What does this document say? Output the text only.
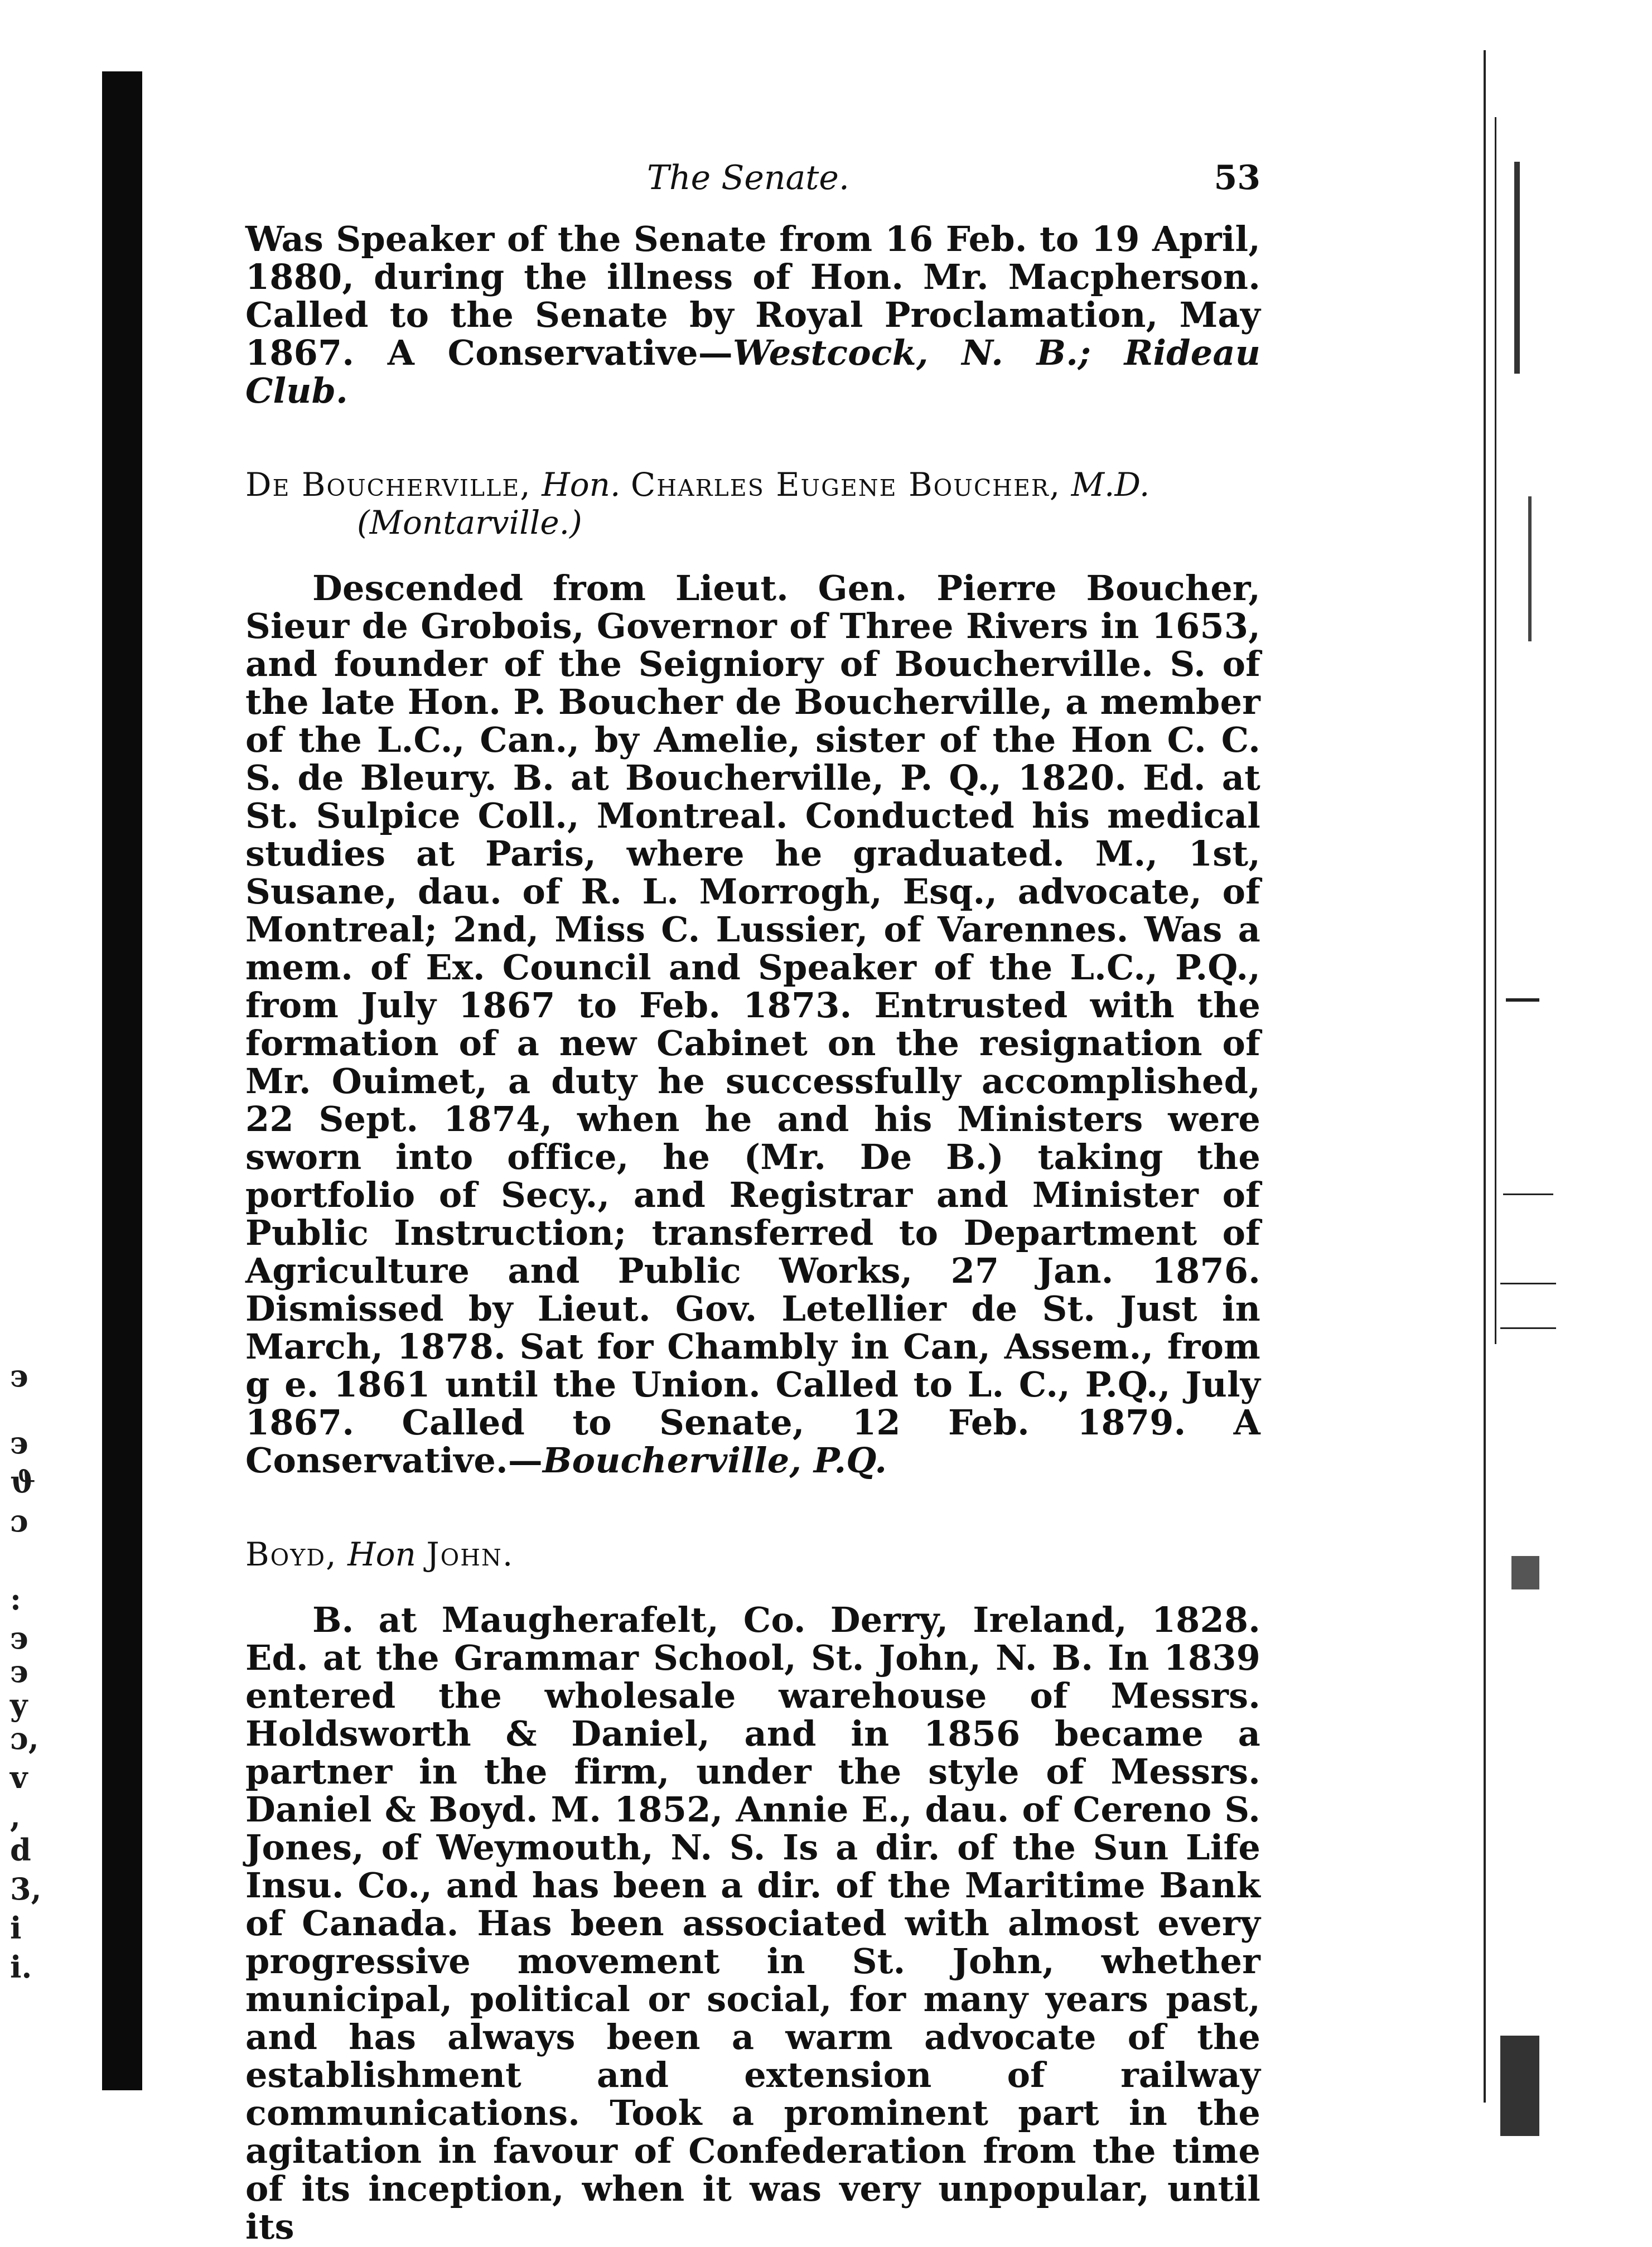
э
э
ϑ
ɔ
:
э
э
y
ɔ,
v
,
d
3,
i
i.
The Senate.	53

Was Speaker of the Senate from 16 Feb. to 19 April, 1880, during the illness of Hon. Mr. Macpherson. Called to the Senate by Royal Proclamation, May 1867. A Conservative—Westcock, N. B.; Rideau Club.

De Boucherville, Hon. Charles Eugene Boucher, M.D.
(Montarville.)

Descended from Lieut. Gen. Pierre Boucher, Sieur de Grobois, Governor of Three Rivers in 1653, and founder of the Seigniory of Boucherville. S. of the late Hon. P. Boucher de Boucherville, a member of the L.C., Can., by Amelie, sister of the Hon C. C. S. de Bleury. B. at Boucherville, P. Q., 1820. Ed. at St. Sulpice Coll., Montreal. Conducted his medical studies at Paris, where he graduated. M., 1st, Susane, dau. of R. L. Morrogh, Esq., advocate, of Montreal; 2nd, Miss C. Lussier, of Varennes. Was a mem. of Ex. Council and Speaker of the L.C., P.Q., from July 1867 to Feb. 1873. Entrusted with the formation of a new Cabinet on the resignation of Mr. Ouimet, a duty he successfully accomplished, 22 Sept. 1874, when he and his Ministers were sworn into office, he (Mr. De B.) taking the portfolio of Secy., and Registrar and Minister of Public Instruction; transferred to Department of Agriculture and Public Works, 27 Jan. 1876. Dismissed by Lieut. Gov. Letellier de St. Just in March, 1878. Sat for Chambly in Can, Assem., from g e. 1861 until the Union. Called to L. C., P.Q., July 1867. Called to Senate, 12 Feb. 1879. A Conservative.—Boucherville, P.Q.

Boyd, Hon John.

B. at Maugherafelt, Co. Derry, Ireland, 1828. Ed. at the Grammar School, St. John, N. B. In 1839 entered the wholesale warehouse of Messrs. Holdsworth & Daniel, and in 1856 became a partner in the firm, under the style of Messrs. Daniel & Boyd. M. 1852, Annie E., dau. of Cereno S. Jones, of Weymouth, N. S. Is a dir. of the Sun Life Insu. Co., and has been a dir. of the Maritime Bank of Canada. Has been associated with almost every progressive movement in St. John, whether municipal, political or social, for many years past, and has always been a warm advocate of the establishment and extension of railway communications. Took a prominent part in the agitation in favour of Confederation from the time of its inception, when it was very unpopular, until its
